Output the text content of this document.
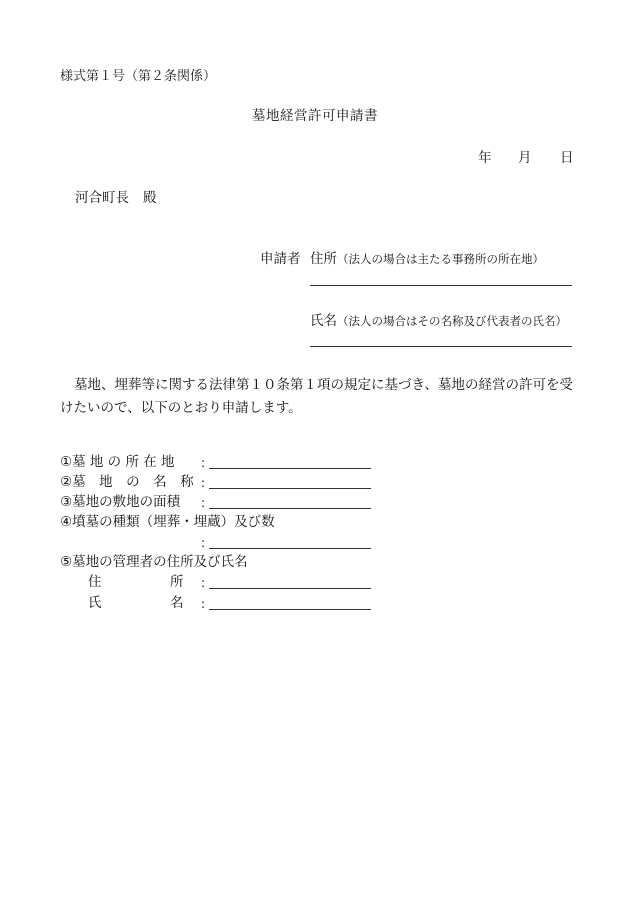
様式第１号（第２条関係）
墓地経営許可申請書
年 月 日
河合町長 殿
申請者 住所（法人の場合は主たる事務所の所在地）
氏名（法人の場合はその名称及び代表者の氏名）
墓地、埋葬等に関する法律第１０条第１項の規定に基づき、墓地の経営の許可を受けたいので、以下のとおり申請します。
①墓 地 の 所 在 地 :
②墓　地　の　名　称 :
③墓地の敷地の面積 :
④墳墓の種類（埋葬・埋蔵）及び数
:
⑤墓地の管理者の住所及び氏名
住	所 :
氏	名 :
